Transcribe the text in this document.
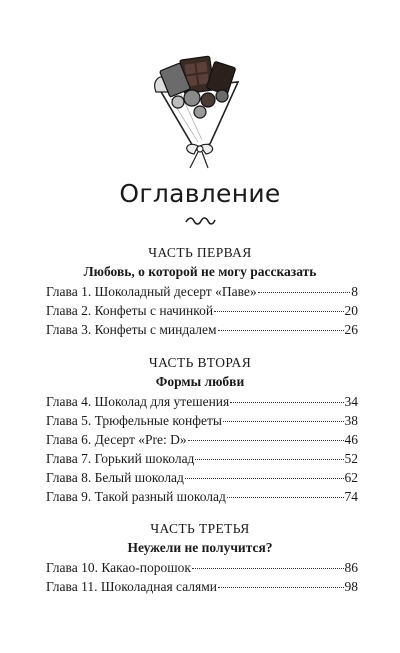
Оглавление
ЧАСТЬ ПЕРВАЯ
Любовь, о которой не могу рассказать
Глава 1. Шоколадный десерт «Паве»	8
Глава 2. Конфеты с начинкой	20
Глава 3. Конфеты с миндалем	26
ЧАСТЬ ВТОРАЯ
Формы любви
Глава 4. Шоколад для утешения	34
Глава 5. Трюфельные конфеты	38
Глава 6. Десерт «Pre: D»	46
Глава 7. Горький шоколад	52
Глава 8. Белый шоколад	62
Глава 9. Такой разный шоколад	74
ЧАСТЬ ТРЕТЬЯ
Неужели не получится?
Глава 10. Какао-порошок	86
Глава 11. Шоколадная салями	98
